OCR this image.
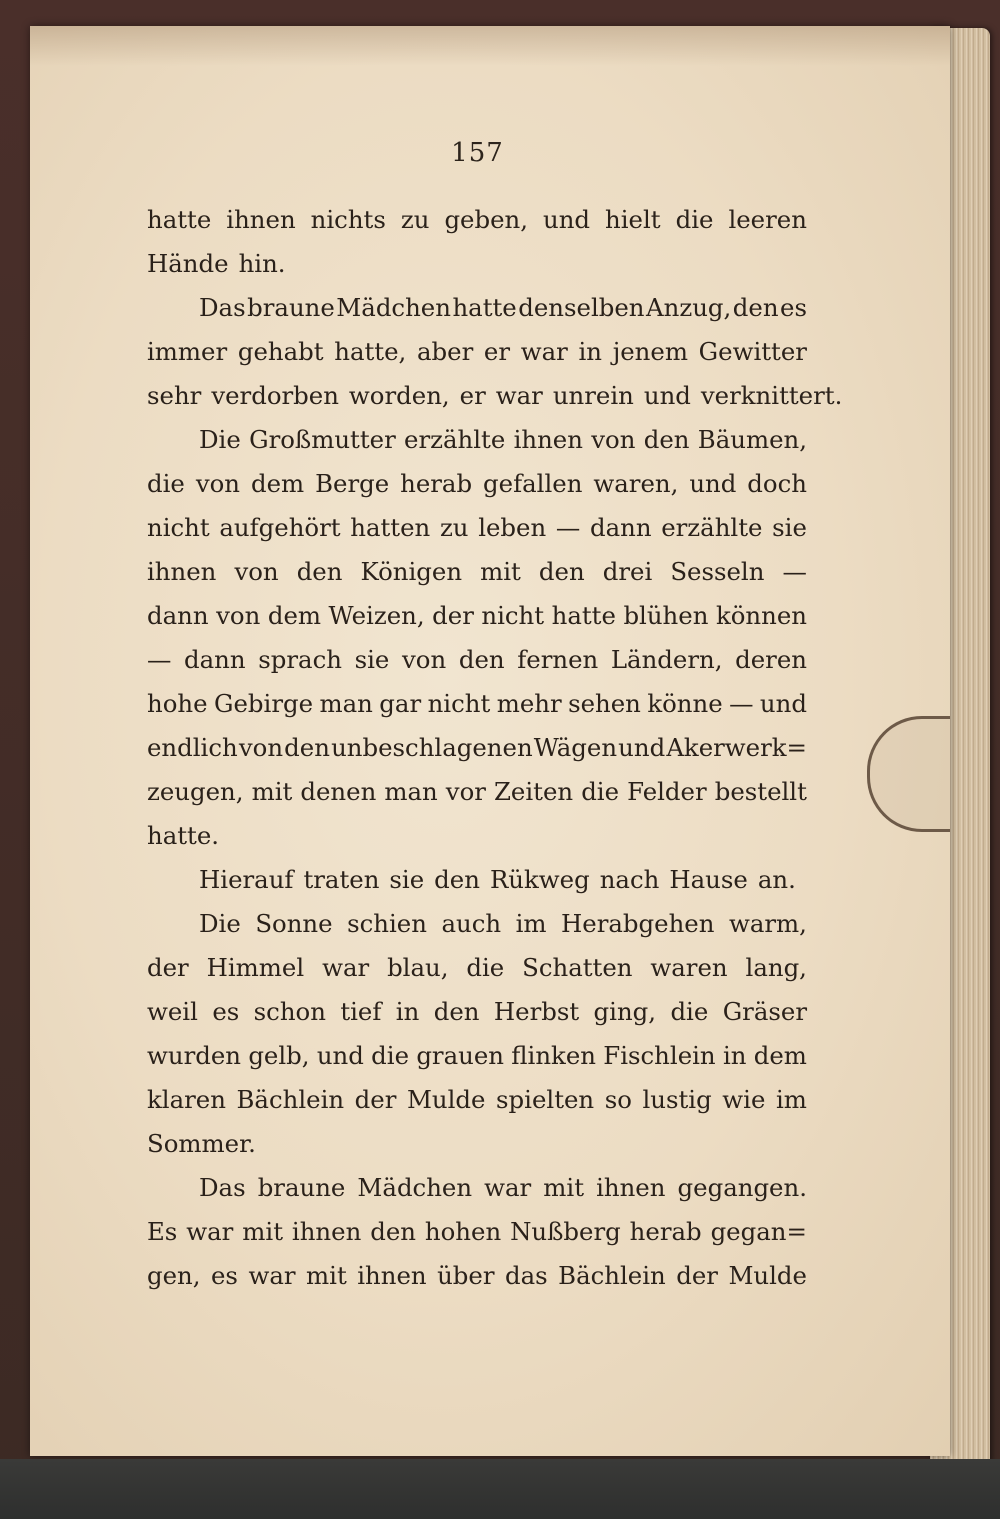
157
hatte ihnen nichts zu geben, und hielt die leeren
Hände hin.
Das braune Mädchen hatte denselben Anzug, den es
immer gehabt hatte, aber er war in jenem Gewitter
sehr verdorben worden, er war unrein und verknittert.
Die Großmutter erzählte ihnen von den Bäumen,
die von dem Berge herab gefallen waren, und doch
nicht aufgehört hatten zu leben — dann erzählte sie
ihnen von den Königen mit den drei Sesseln —
dann von dem Weizen, der nicht hatte blühen können
— dann sprach sie von den fernen Ländern, deren
hohe Gebirge man gar nicht mehr sehen könne — und
endlich von den unbeschlagenen Wägen und Akerwerk=
zeugen, mit denen man vor Zeiten die Felder bestellt
hatte.
Hierauf traten sie den Rükweg nach Hause an.
Die Sonne schien auch im Herabgehen warm,
der Himmel war blau, die Schatten waren lang,
weil es schon tief in den Herbst ging, die Gräser
wurden gelb, und die grauen flinken Fischlein in dem
klaren Bächlein der Mulde spielten so lustig wie im
Sommer.
Das braune Mädchen war mit ihnen gegangen.
Es war mit ihnen den hohen Nußberg herab gegan=
gen, es war mit ihnen über das Bächlein der Mulde
